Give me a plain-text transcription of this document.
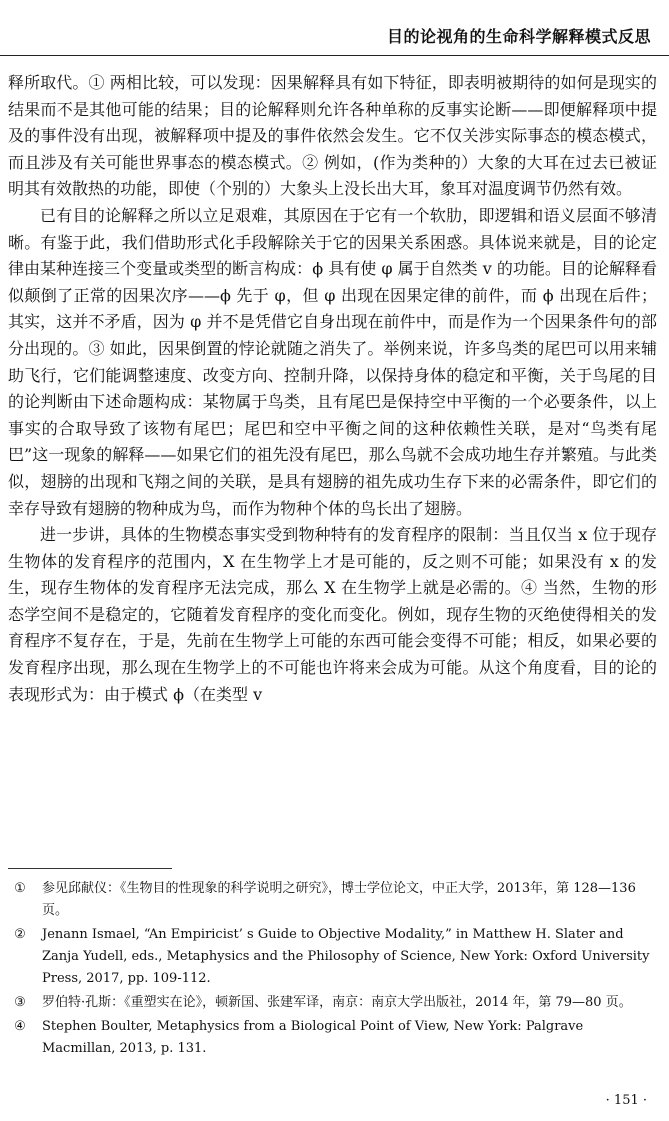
目的论视角的生命科学解释模式反思

释所取代。① 两相比较，可以发现：因果解释具有如下特征，即表明被期待的如何是现实的结果而不是其他可能的结果；目的论解释则允许各种单称的反事实论断——即便解释项中提及的事件没有出现，被解释项中提及的事件依然会发生。它不仅关涉实际事态的模态模式，而且涉及有关可能世界事态的模态模式。② 例如，(作为类种的）大象的大耳在过去已被证明其有效散热的功能，即使（个别的）大象头上没长出大耳，象耳对温度调节仍然有效。

已有目的论解释之所以立足艰难，其原因在于它有一个软肋，即逻辑和语义层面不够清晰。有鉴于此，我们借助形式化手段解除关于它的因果关系困惑。具体说来就是，目的论定律由某种连接三个变量或类型的断言构成：ϕ 具有使 φ 属于自然类 v 的功能。目的论解释看似颠倒了正常的因果次序——ϕ 先于 φ，但 φ 出现在因果定律的前件，而 ϕ 出现在后件；其实，这并不矛盾，因为 φ 并不是凭借它自身出现在前件中，而是作为一个因果条件句的部分出现的。③ 如此，因果倒置的悖论就随之消失了。举例来说，许多鸟类的尾巴可以用来辅助飞行，它们能调整速度、改变方向、控制升降，以保持身体的稳定和平衡，关于鸟尾的目的论判断由下述命题构成：某物属于鸟类，且有尾巴是保持空中平衡的一个必要条件，以上事实的合取导致了该物有尾巴；尾巴和空中平衡之间的这种依赖性关联，是对“鸟类有尾巴”这一现象的解释——如果它们的祖先没有尾巴，那么鸟就不会成功地生存并繁殖。与此类似，翅膀的出现和飞翔之间的关联，是具有翅膀的祖先成功生存下来的必需条件，即它们的幸存导致有翅膀的物种成为鸟，而作为物种个体的鸟长出了翅膀。

进一步讲，具体的生物模态事实受到物种特有的发育程序的限制：当且仅当 x 位于现存生物体的发育程序的范围内，X 在生物学上才是可能的，反之则不可能；如果没有 x 的发生，现存生物体的发育程序无法完成，那么 X 在生物学上就是必需的。④ 当然，生物的形态学空间不是稳定的，它随着发育程序的变化而变化。例如，现存生物的灭绝使得相关的发育程序不复存在，于是，先前在生物学上可能的东西可能会变得不可能；相反，如果必要的发育程序出现，那么现在生物学上的不可能也许将来会成为可能。从这个角度看，目的论的表现形式为：由于模式 ϕ（在类型 v

①	参见邱献仪：《生物目的性现象的科学说明之研究》，博士学位论文，中正大学，2013年，第 128—136 页。
②	Jenann Ismael, “An Empiricist’ s Guide to Objective Modality,” in Matthew H. Slater and Zanja Yudell, eds., Metaphysics and the Philosophy of Science, New York: Oxford University Press, 2017, pp. 109-112.
③	罗伯特·孔斯：《重塑实在论》，顿新国、张建军译，南京：南京大学出版社，2014 年，第 79—80 页。
④	Stephen Boulter, Metaphysics from a Biological Point of View, New York: Palgrave Macmillan, 2013, p. 131.
· 151 ·
